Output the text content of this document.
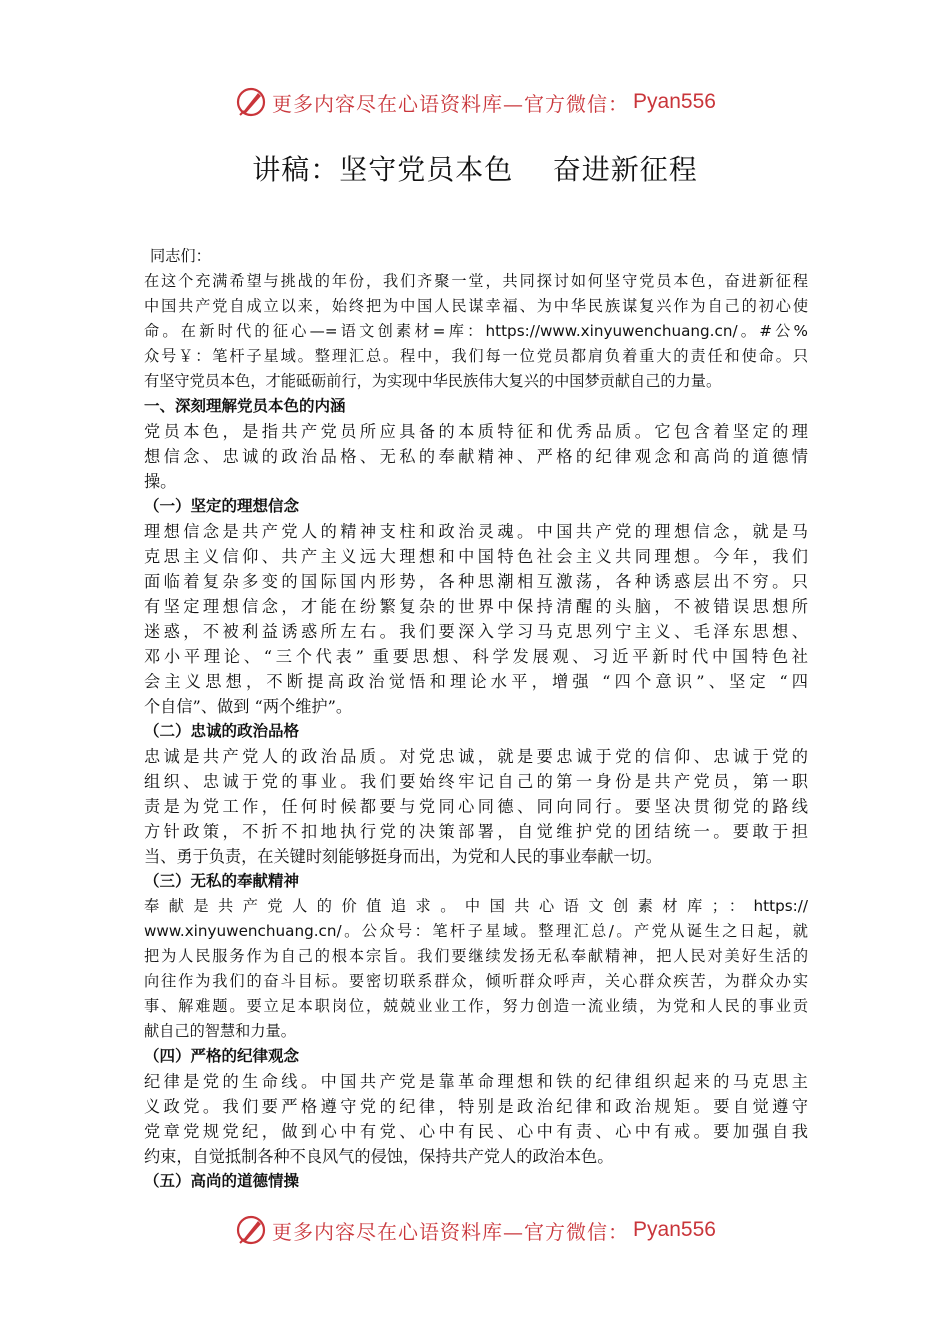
更多内容尽在心语资料库—官方微信： Pyan556
讲稿：坚守党员本色    奋进新征程
同志们：
在这个充满希望与挑战的年份，我们齐聚一堂，共同探讨如何坚守党员本色，奋进新征程
中国共产党自成立以来，始终把为中国人民谋幸福、为中华民族谋复兴作为自己的初心使
命。在新时代的征心—=语文创素材=库：https://www.xinyuwenchuang.cn/。#公%
众号￥：笔杆子星域。整理汇总。程中，我们每一位党员都肩负着重大的责任和使命。只
有坚守党员本色，才能砥砺前行，为实现中华民族伟大复兴的中国梦贡献自己的力量。
一、深刻理解党员本色的内涵
党员本色，是指共产党员所应具备的本质特征和优秀品质。它包含着坚定的理
想信念、忠诚的政治品格、无私的奉献精神、严格的纪律观念和高尚的道德情
操。
（一）坚定的理想信念
理想信念是共产党人的精神支柱和政治灵魂。中国共产党的理想信念，就是马
克思主义信仰、共产主义远大理想和中国特色社会主义共同理想。今年，我们
面临着复杂多变的国际国内形势，各种思潮相互激荡，各种诱惑层出不穷。只
有坚定理想信念，才能在纷繁复杂的世界中保持清醒的头脑，不被错误思想所
迷惑，不被利益诱惑所左右。我们要深入学习马克思列宁主义、毛泽东思想、
邓小平理论、“三个代表” 重要思想、科学发展观、习近平新时代中国特色社
会主义思想，不断提高政治觉悟和理论水平，增强 “四个意识”、坚定 “四
个自信”、做到 “两个维护”。
（二）忠诚的政治品格
忠诚是共产党人的政治品质。对党忠诚，就是要忠诚于党的信仰、忠诚于党的
组织、忠诚于党的事业。我们要始终牢记自己的第一身份是共产党员，第一职
责是为党工作，任何时候都要与党同心同德、同向同行。要坚决贯彻党的路线
方针政策，不折不扣地执行党的决策部署，自觉维护党的团结统一。要敢于担
当、勇于负责，在关键时刻能够挺身而出，为党和人民的事业奉献一切。
（三）无私的奉献精神
奉献是共产党人的价值追求。中国共心语文创素材库；：https://
www.xinyuwenchuang.cn/。公众号：笔杆子星域。整理汇总/。产党从诞生之日起，就
把为人民服务作为自己的根本宗旨。我们要继续发扬无私奉献精神，把人民对美好生活的
向往作为我们的奋斗目标。要密切联系群众，倾听群众呼声，关心群众疾苦，为群众办实
事、解难题。要立足本职岗位，兢兢业业工作，努力创造一流业绩，为党和人民的事业贡
献自己的智慧和力量。
（四）严格的纪律观念
纪律是党的生命线。中国共产党是靠革命理想和铁的纪律组织起来的马克思主
义政党。我们要严格遵守党的纪律，特别是政治纪律和政治规矩。要自觉遵守
党章党规党纪，做到心中有党、心中有民、心中有责、心中有戒。要加强自我
约束，自觉抵制各种不良风气的侵蚀，保持共产党人的政治本色。
（五）高尚的道德情操
更多内容尽在心语资料库—官方微信： Pyan556
